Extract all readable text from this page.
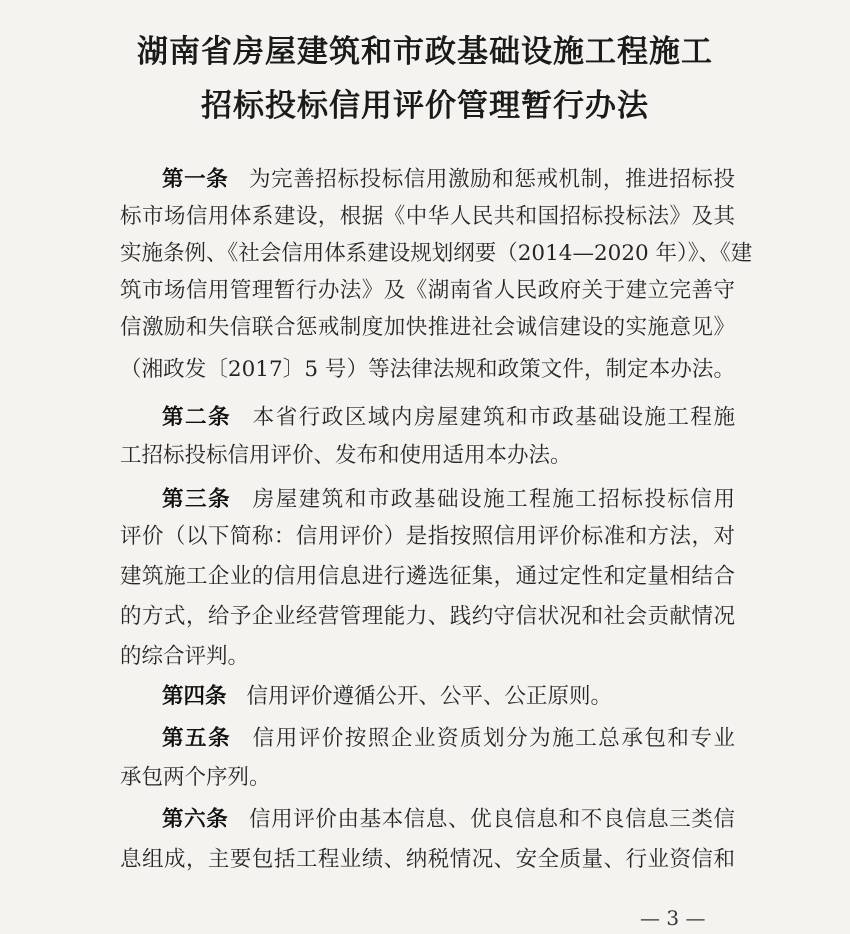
湖南省房屋建筑和市政基础设施工程施工
招标投标信用评价管理暂行办法
第一条 为完善招标投标信用激励和惩戒机制，推进招标投
标市场信用体系建设，根据《中华人民共和国招标投标法》及其
实施条例、《社会信用体系建设规划纲要（2014—2020 年）》、《建
筑市场信用管理暂行办法》及《湖南省人民政府关于建立完善守
信激励和失信联合惩戒制度加快推进社会诚信建设的实施意见》
（湘政发〔2017〕5 号）等法律法规和政策文件，制定本办法。
第二条 本省行政区域内房屋建筑和市政基础设施工程施
工招标投标信用评价、发布和使用适用本办法。
第三条 房屋建筑和市政基础设施工程施工招标投标信用
评价（以下简称：信用评价）是指按照信用评价标准和方法，对
建筑施工企业的信用信息进行遴选征集，通过定性和定量相结合
的方式，给予企业经营管理能力、践约守信状况和社会贡献情况
的综合评判。
第四条 信用评价遵循公开、公平、公正原则。
第五条 信用评价按照企业资质划分为施工总承包和专业
承包两个序列。
第六条 信用评价由基本信息、优良信息和不良信息三类信
息组成，主要包括工程业绩、纳税情况、安全质量、行业资信和
— 3 —
